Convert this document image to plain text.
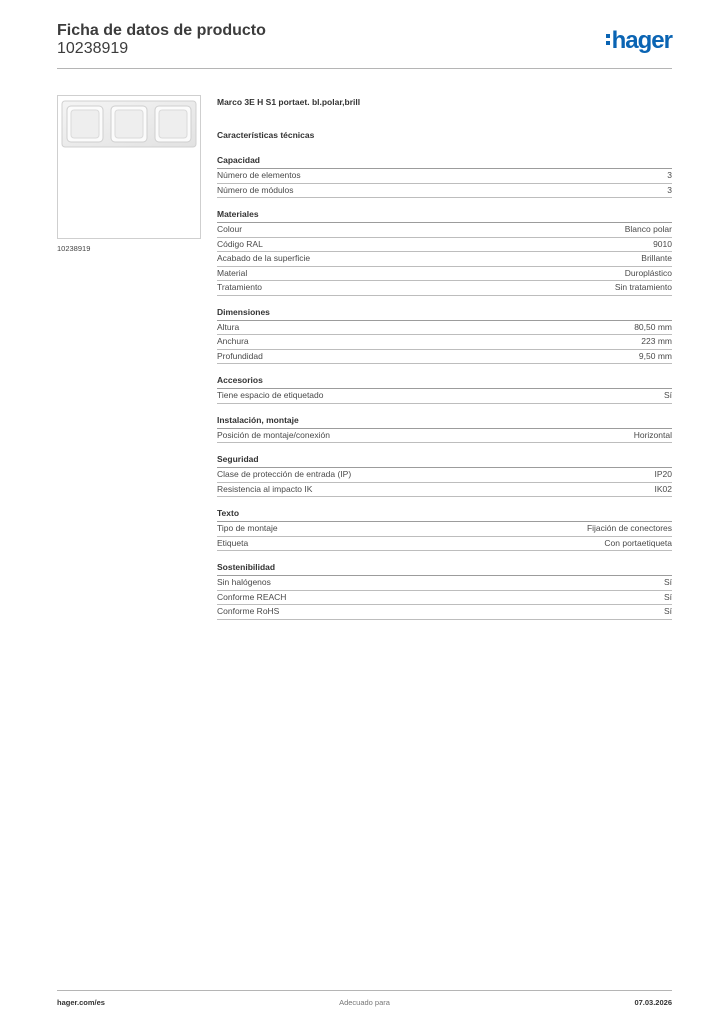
Ficha de datos de producto
10238919	hager
10238919
Marco 3E H S1 portaet. bl.polar,brill
Características técnicas
Capacidad
Número de elementos	3
Número de módulos	3
Materiales
Colour	Blanco polar
Código RAL	9010
Acabado de la superficie	Brillante
Material	Duroplástico
Tratamiento	Sin tratamiento
Dimensiones
Altura	80,50 mm
Anchura	223 mm
Profundidad	9,50 mm
Accesorios
Tiene espacio de etiquetado	Sí
Instalación, montaje
Posición de montaje/conexión	Horizontal
Seguridad
Clase de protección de entrada (IP)	IP20
Resistencia al impacto IK	IK02
Texto
Tipo de montaje	Fijación de conectores
Etiqueta	Con portaetiqueta
Sostenibilidad
Sin halógenos	Sí
Conforme REACH	Sí
Conforme RoHS	Sí
hager.com/es	Adecuado para	07.03.2026
